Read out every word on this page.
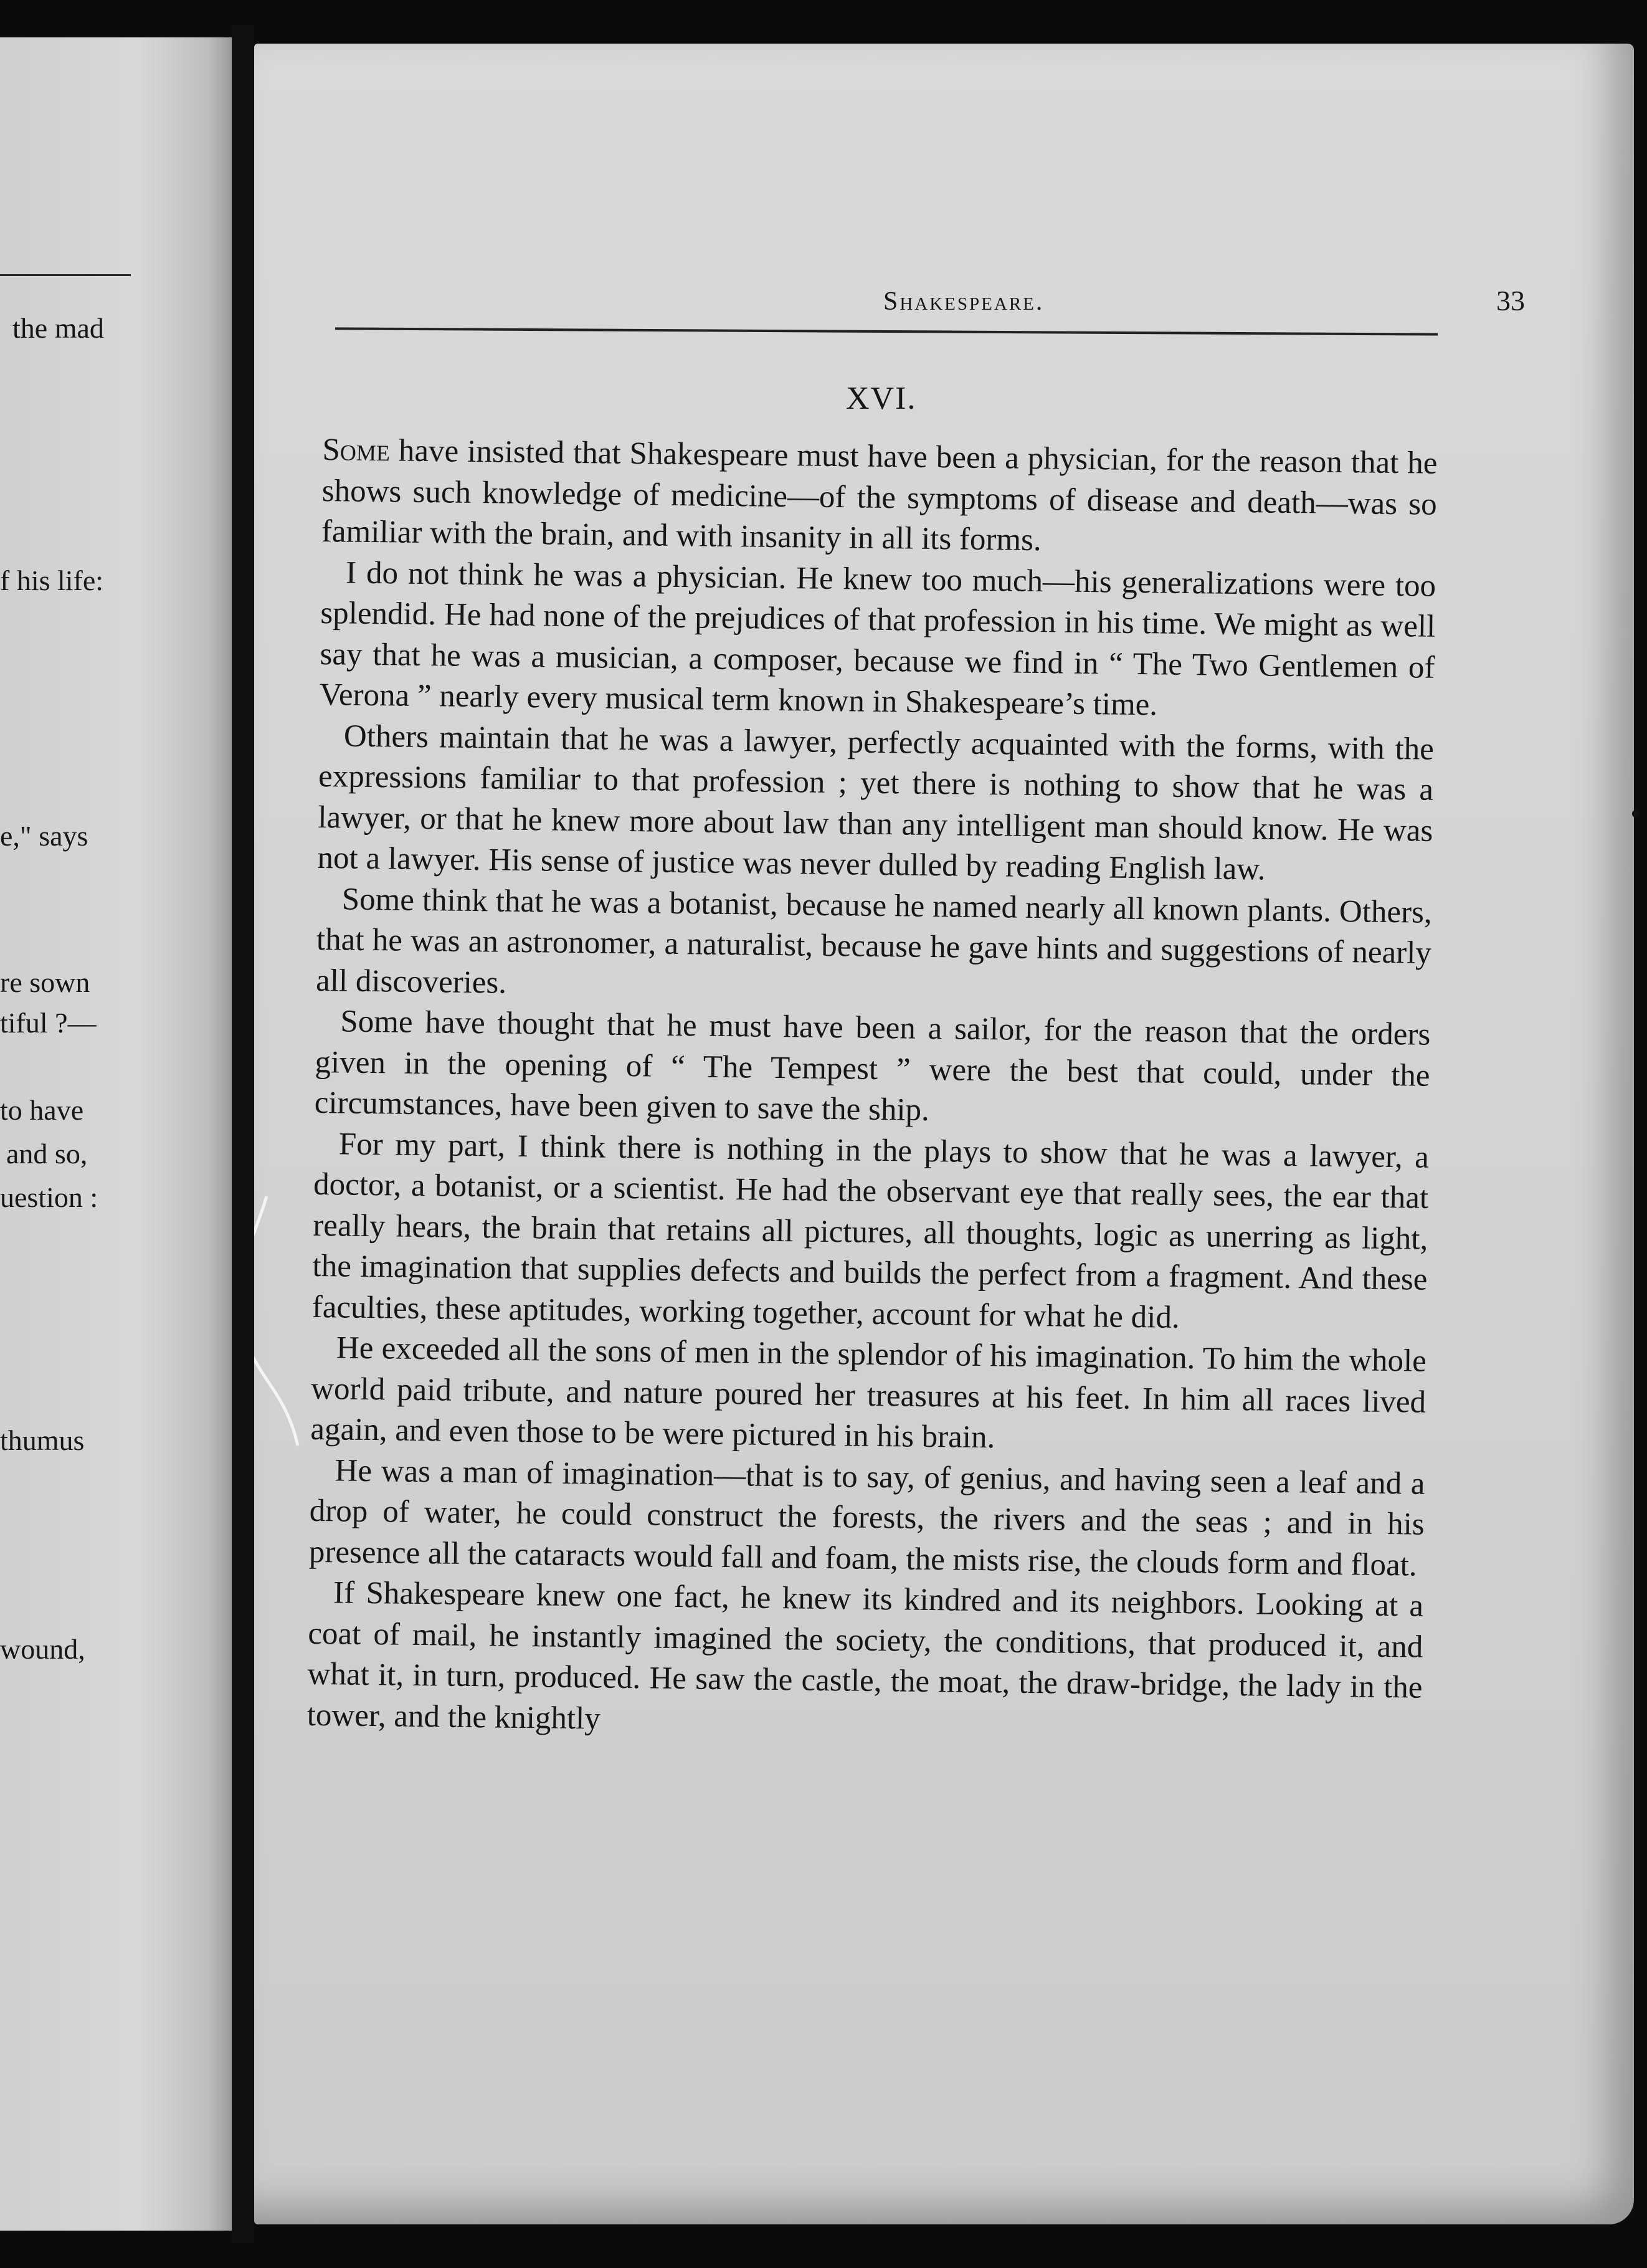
the mad
f his life:
e," says
re sown
tiful ?—
to have
and so,
uestion :
thumus
wound,
Shakespeare.	33
XVI.

Some have insisted that Shakespeare must have been a physician, for the reason that he shows such knowledge of medicine—of the symptoms of disease and death—was so familiar with the brain, and with insanity in all its forms.

I do not think he was a physician. He knew too much—his generalizations were too splendid. He had none of the prejudices of that profession in his time. We might as well say that he was a musician, a composer, because we find in “ The Two Gentlemen of Verona ” nearly every musical term known in Shakespeare’s time.

Others maintain that he was a lawyer, perfectly acquainted with the forms, with the expressions familiar to that profession ; yet there is nothing to show that he was a lawyer, or that he knew more about law than any intelligent man should know. He was not a lawyer. His sense of justice was never dulled by reading English law.

Some think that he was a botanist, because he named nearly all known plants. Others, that he was an astronomer, a naturalist, because he gave hints and suggestions of nearly all discoveries.

Some have thought that he must have been a sailor, for the reason that the orders given in the opening of “ The Tempest ” were the best that could, under the circumstances, have been given to save the ship.

For my part, I think there is nothing in the plays to show that he was a lawyer, a doctor, a botanist, or a scientist. He had the observant eye that really sees, the ear that really hears, the brain that retains all pictures, all thoughts, logic as unerring as light, the imagination that supplies defects and builds the perfect from a fragment. And these faculties, these aptitudes, working together, account for what he did.

He exceeded all the sons of men in the splendor of his imagination. To him the whole world paid tribute, and nature poured her treasures at his feet. In him all races lived again, and even those to be were pictured in his brain.

He was a man of imagination—that is to say, of genius, and having seen a leaf and a drop of water, he could construct the forests, the rivers and the seas ; and in his presence all the cataracts would fall and foam, the mists rise, the clouds form and float.

If Shakespeare knew one fact, he knew its kindred and its neighbors. Looking at a coat of mail, he instantly imagined the society, the conditions, that produced it, and what it, in turn, produced. He saw the castle, the moat, the draw-bridge, the lady in the tower, and the knightly
